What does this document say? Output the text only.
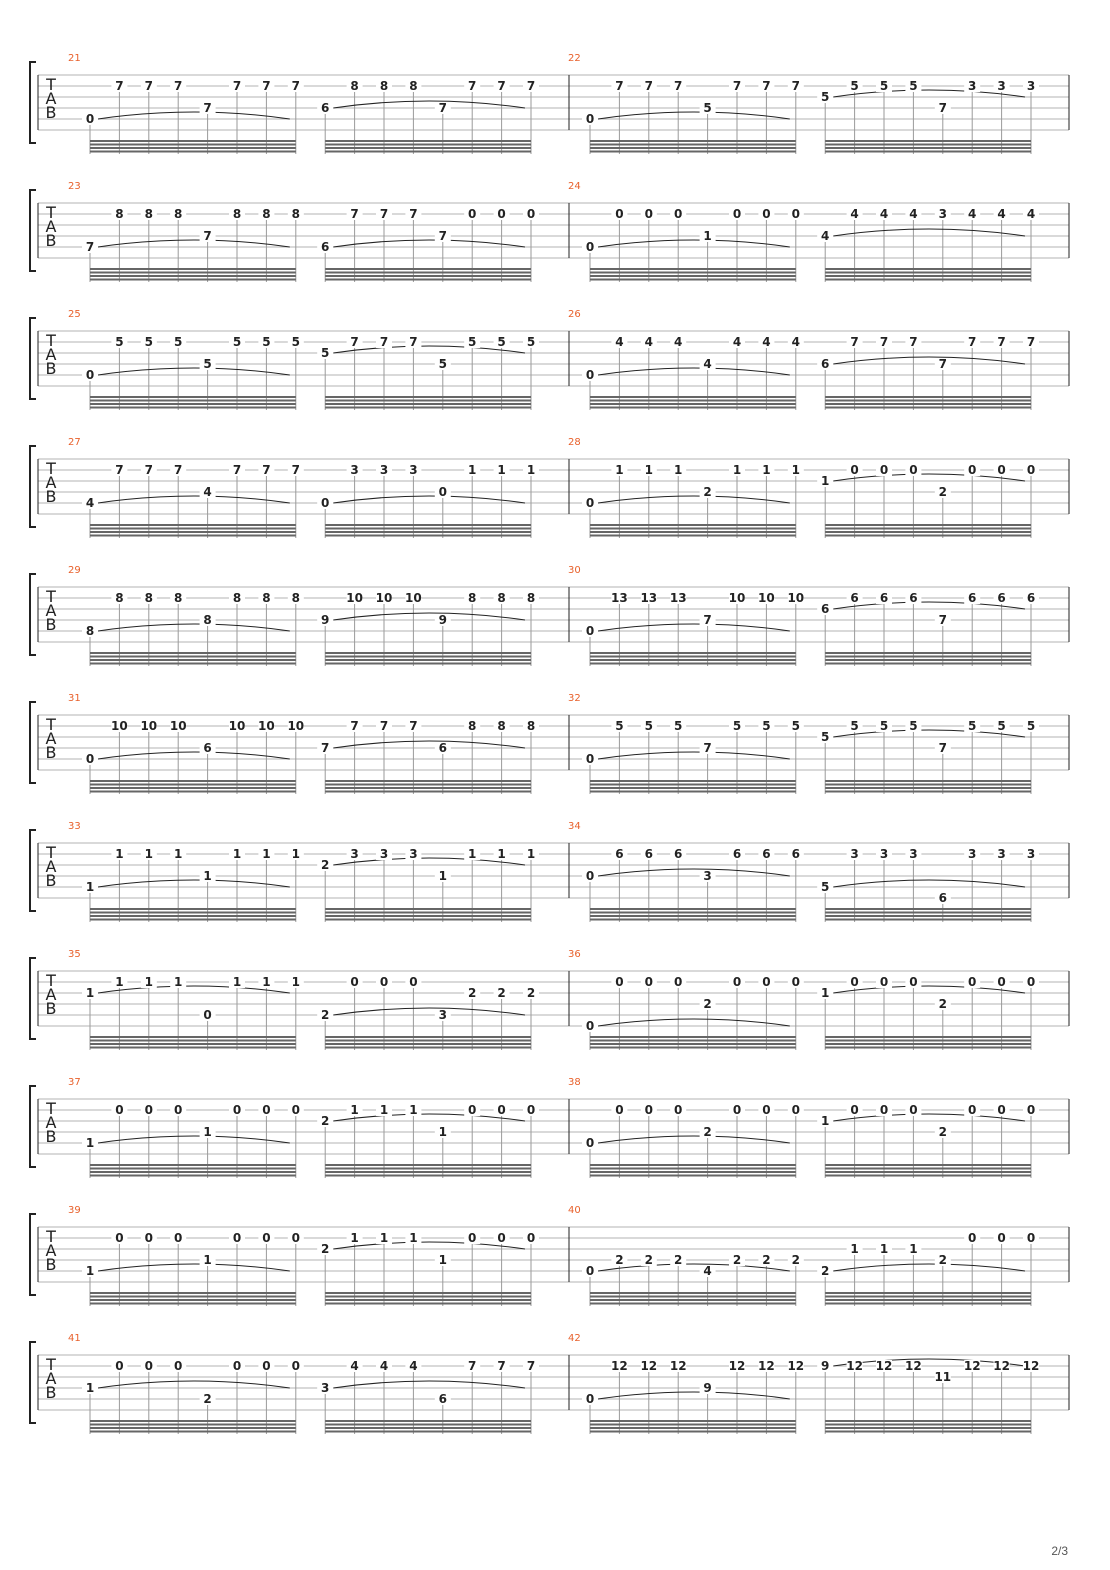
T
A
B
21
0
7 7 7
7
7 7 7
6
8 8 8
7
7 7 7
22
0
7 7 7
5
7 7 7
5
5 5 5
7
3 3 3
T
A
B
23
7
8 8 8
7
8 8 8
6
7 7 7
7
0 0 0
24
0
0 0 0
1
0 0 0
4
4 4 4 3 4 4 4
T
A
B
25
0
5 5 5
5
5 5 5
5
7 7 7
5
5 5 5
26
0
4 4 4
4
4 4 4
6
7 7 7
7
7 7 7
T
A
B
27
4
7 7 7
4
7 7 7
0
3 3 3
0
1 1 1
28
0
1 1 1
2
1 1 1
1
0 0 0
2
0 0 0
T
A
B
29
8
8 8 8
8
8 8 8
9
10 10 10
9
8 8 8
30
0
13 13 13
7
10 10 10
6
6 6 6
7
6 6 6
T
A
B
31
0
10 10 10
6
10 10 10
7
7 7 7
6
8 8 8
32
0
5 5 5
7
5 5 5
5
5 5 5
7
5 5 5
T
A
B
33
1
1 1 1
1
1 1 1
2
3 3 3
1
1 1 1
34
0
6 6 6
3
6 6 6
5
3 3 3
6
3 3 3
T
A
B
35
1
1 1 1
0
1 1 1
2
0 0 0
3
2 2 2
36
0
0 0 0
2
0 0 0
1
0 0 0
2
0 0 0
T
A
B
37
1
0 0 0
1
0 0 0
2
1 1 1
1
0 0 0
38
0
0 0 0
2
0 0 0
1
0 0 0
2
0 0 0
T
A
B
39
1
0 0 0
1
0 0 0
2
1 1 1
1
0 0 0
40
0
2 2 2
4
2 2 2
2
1 1 1
2
0 0 0
T
A
B
41
1
0 0 0
2
0 0 0
3
4 4 4
6
7 7 7
42
0
12 12 12
9
12 12 12 9 12 12 12
11
12 12 12
2/3
